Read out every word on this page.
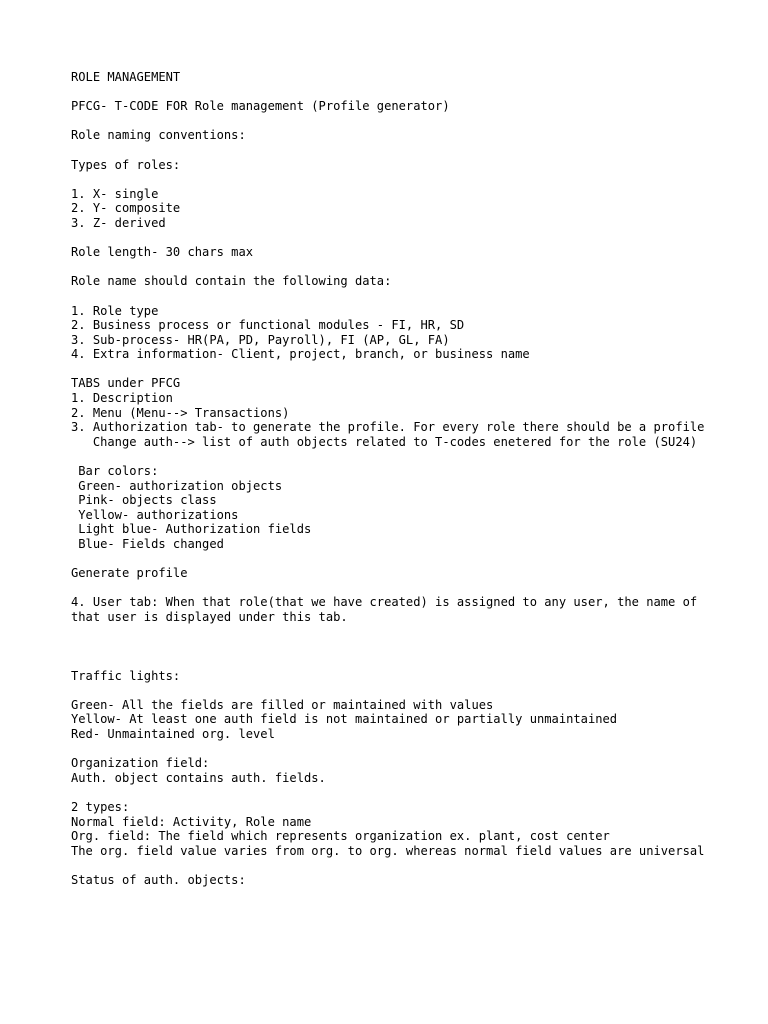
ROLE MANAGEMENT

PFCG- T-CODE FOR Role management (Profile generator)

Role naming conventions:

Types of roles:

1. X- single

2. Y- composite

3. Z- derived

Role length- 30 chars max

Role name should contain the following data:

1. Role type

2. Business process or functional modules - FI, HR, SD

3. Sub-process- HR(PA, PD, Payroll), FI (AP, GL, FA)

4. Extra information- Client, project, branch, or business name

TABS under PFCG

1. Description

2. Menu (Menu--> Transactions)

3. Authorization tab- to generate the profile. For every role there should be a profile

Change auth--> list of auth objects related to T-codes enetered for the role (SU24)

Bar colors:

Green- authorization objects

Pink- objects class

Yellow- authorizations

Light blue- Authorization fields

Blue- Fields changed

Generate profile

4. User tab: When that role(that we have created) is assigned to any user, the name of that user is displayed under this tab.

Traffic lights:

Green- All the fields are filled or maintained with values

Yellow- At least one auth field is not maintained or partially unmaintained

Red- Unmaintained org. level

Organization field:

Auth. object contains auth. fields.

2 types:

Normal field: Activity, Role name

Org. field: The field which represents organization ex. plant, cost center

The org. field value varies from org. to org. whereas normal field values are universal

Status of auth. objects:
